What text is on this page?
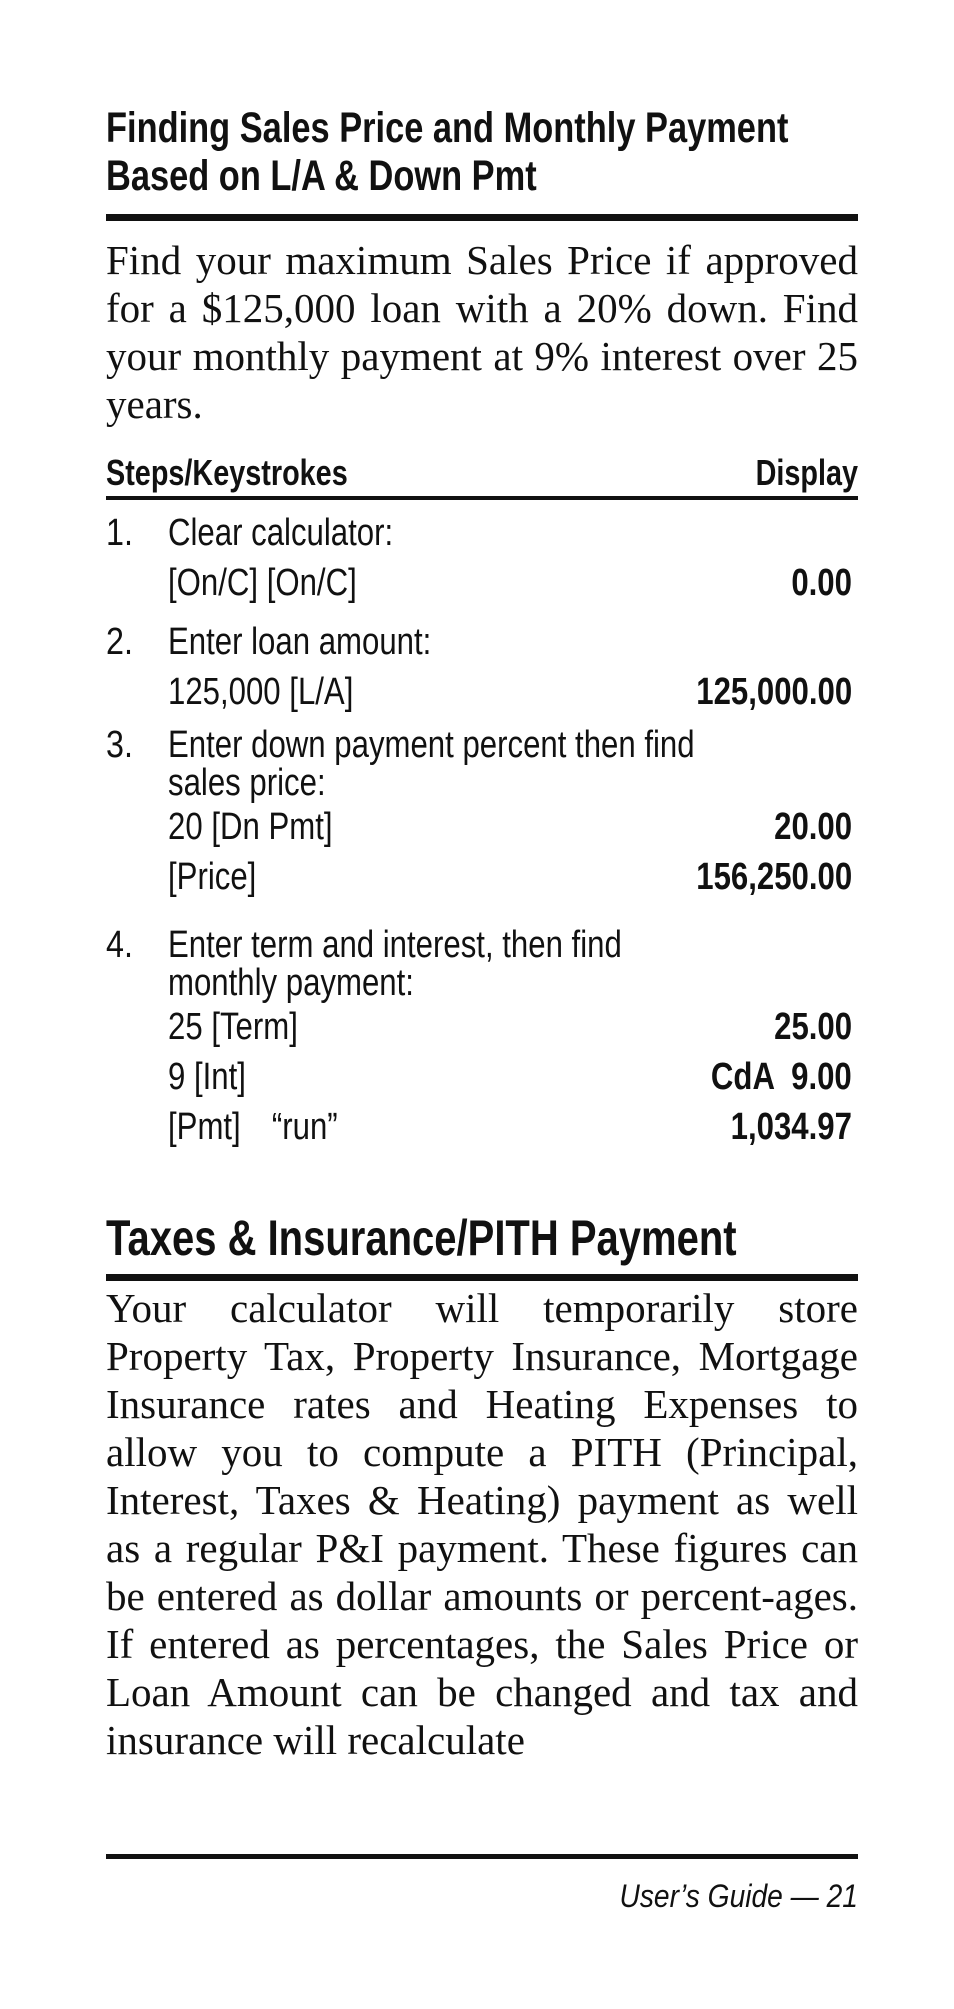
Finding Sales Price and Monthly Payment
Based on L/A & Down Pmt
Find your maximum Sales Price if approved for a $125,000 loan with a 20% down. Find your monthly payment at 9% interest over 25 years.
Steps/Keystrokes	Display
1. Clear calculator:
[On/C] [On/C]	0.00
2. Enter loan amount:
125,000 [L/A]	125,000.00
3. Enter down payment percent then find
sales price:
20 [Dn Pmt]	20.00
[Price]	156,250.00
4. Enter term and interest, then find
monthly payment:
25 [Term]	25.00
9 [Int]	CdA  9.00
[Pmt] “run”	1,034.97
Taxes & Insurance/PITH Payment
Your calculator will temporarily store Property Tax, Property Insurance, Mortgage Insurance rates and Heating Expenses to allow you to compute a PITH (Principal, Interest, Taxes & Heating) payment as well as a regular P&I payment. These figures can be entered as dollar amounts or percent-ages. If entered as percentages, the Sales Price or Loan Amount can be changed and tax and insurance will recalculate
User’s Guide — 21
